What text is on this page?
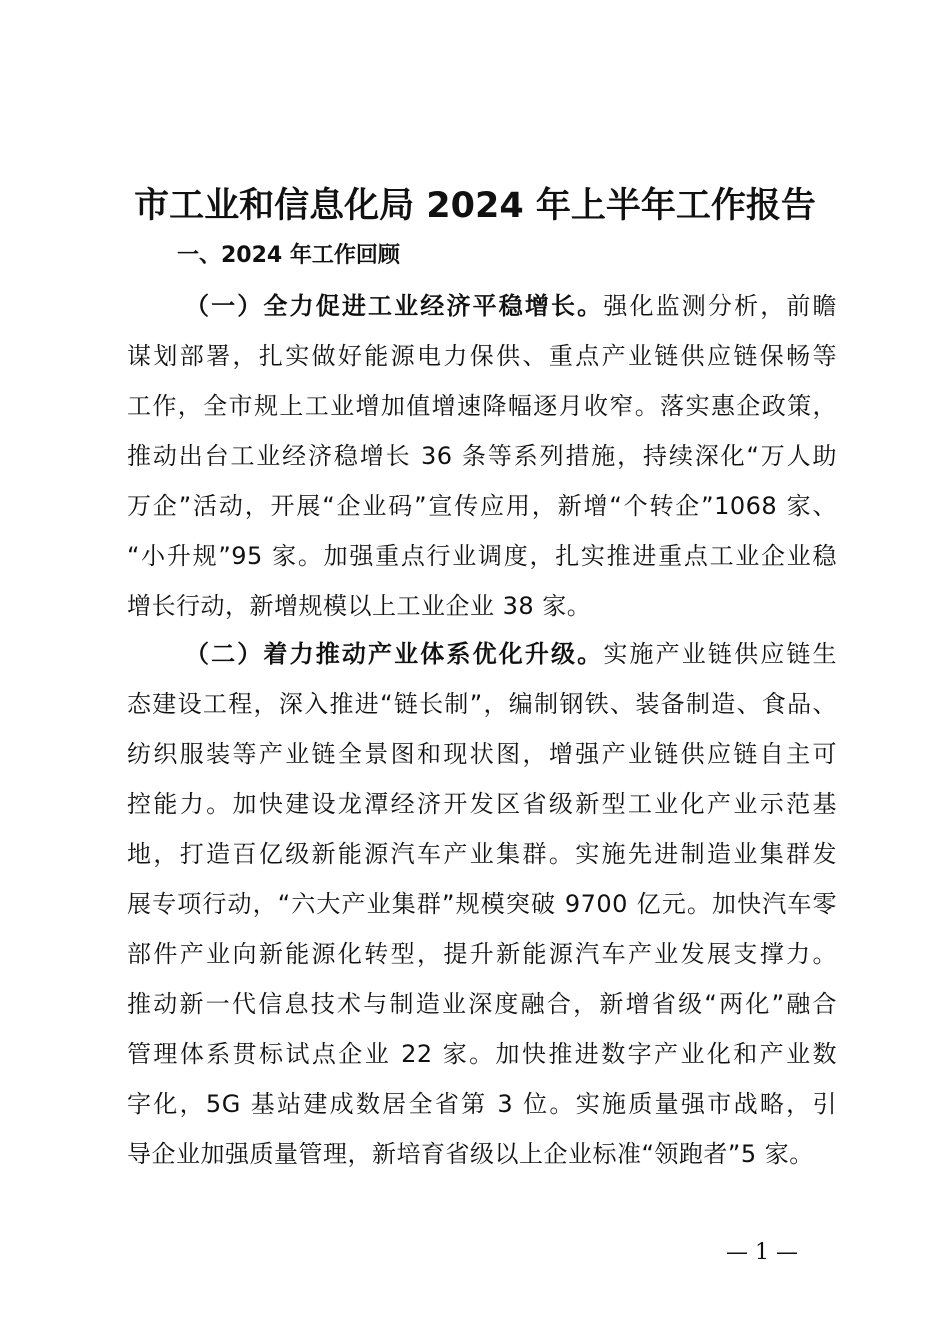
市工业和信息化局 2024 年上半年工作报告
一、2024 年工作回顾
（一）全力促进工业经济平稳增长。强化监测分析，前瞻
谋划部署，扎实做好能源电力保供、重点产业链供应链保畅等
工作，全市规上工业增加值增速降幅逐月收窄。落实惠企政策，
推动出台工业经济稳增长 36 条等系列措施，持续深化“万人助
万企”活动，开展“企业码”宣传应用，新增“个转企”1068 家、
“小升规”95 家。加强重点行业调度，扎实推进重点工业企业稳
增长行动，新增规模以上工业企业 38 家。
（二）着力推动产业体系优化升级。实施产业链供应链生
态建设工程，深入推进“链长制”，编制钢铁、装备制造、食品、
纺织服装等产业链全景图和现状图，增强产业链供应链自主可
控能力。加快建设龙潭经济开发区省级新型工业化产业示范基
地，打造百亿级新能源汽车产业集群。实施先进制造业集群发
展专项行动，“六大产业集群”规模突破 9700 亿元。加快汽车零
部件产业向新能源化转型，提升新能源汽车产业发展支撑力。
推动新一代信息技术与制造业深度融合，新增省级“两化”融合
管理体系贯标试点企业 22 家。加快推进数字产业化和产业数
字化，5G 基站建成数居全省第 3 位。实施质量强市战略，引
导企业加强质量管理，新培育省级以上企业标准“领跑者”5 家。
— 1 —
